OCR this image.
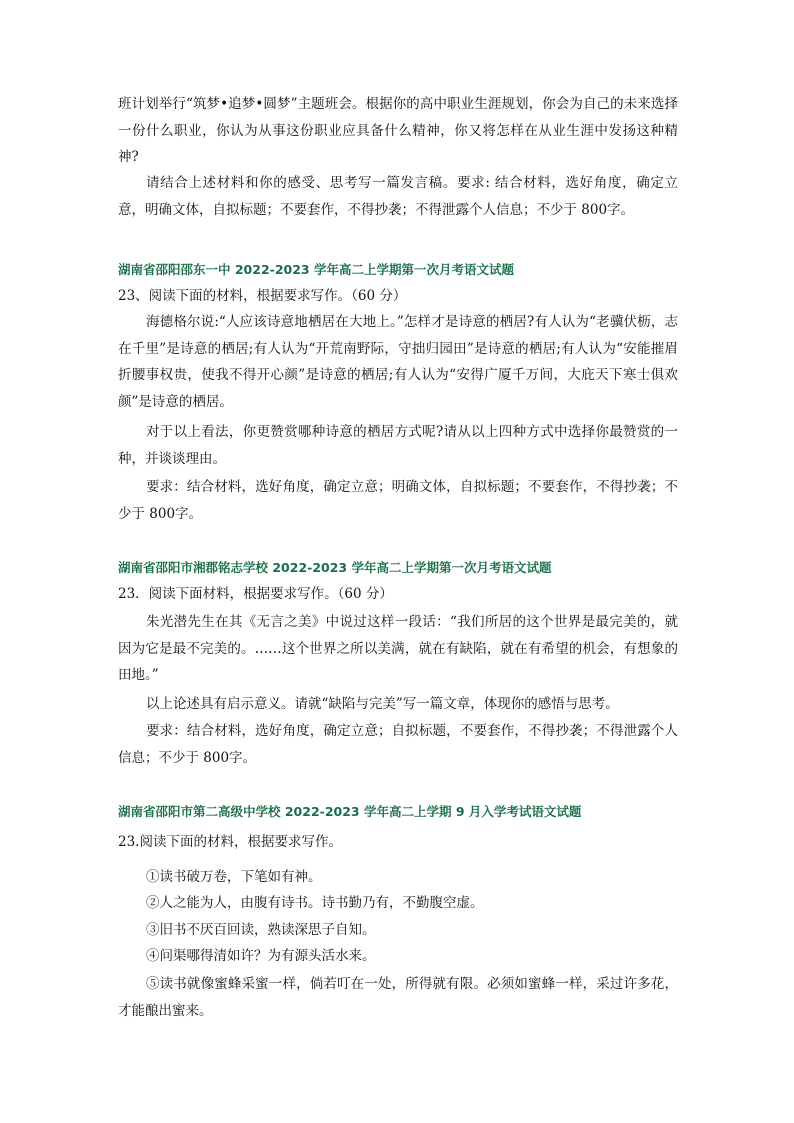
班计划举行“筑梦•追梦•圆梦”主题班会。根据你的高中职业生涯规划，你会为自己的未来选择一份什么职业，你认为从事这份职业应具备什么精神，你又将怎样在从业生涯中发扬这种精神?

请结合上述材料和你的感受、思考写一篇发言稿。要求: 结合材料，选好角度，确定立意，明确文体，自拟标题；不要套作，不得抄袭；不得泄露个人信息；不少于 800字。

湖南省邵阳邵东一中 2022-2023 学年高二上学期第一次月考语文试题

23、阅读下面的材料，根据要求写作。（60 分）

海德格尔说:“人应该诗意地栖居在大地上。”怎样才是诗意的栖居?有人认为“老骥伏枥，志在千里”是诗意的栖居;有人认为“开荒南野际，守拙归园田”是诗意的栖居;有人认为“安能摧眉折腰事权贵，使我不得开心颜”是诗意的栖居;有人认为“安得广厦千万间，大庇天下寒士俱欢颜”是诗意的栖居。

对于以上看法，你更赞赏哪种诗意的栖居方式呢?请从以上四种方式中选择你最赞赏的一种，并谈谈理由。

要求：结合材料，选好角度，确定立意；明确文体，自拟标题；不要套作，不得抄袭；不少于 800字。

湖南省邵阳市湘郡铭志学校 2022-2023 学年高二上学期第一次月考语文试题

23．阅读下面材料，根据要求写作。（60 分）

朱光潜先生在其《无言之美》中说过这样一段话：“我们所居的这个世界是最完美的，就因为它是最不完美的。……这个世界之所以美满，就在有缺陷，就在有希望的机会，有想象的田地。”

以上论述具有启示意义。请就“缺陷与完美”写一篇文章，体现你的感悟与思考。

要求：结合材料，选好角度，确定立意；自拟标题，不要套作，不得抄袭；不得泄露个人信息；不少于 800字。

湖南省邵阳市第二高级中学校 2022-2023 学年高二上学期 9 月入学考试语文试题

23.阅读下面的材料，根据要求写作。

①读书破万卷，下笔如有神。

②人之能为人，由腹有诗书。诗书勤乃有，不勤腹空虚。

③旧书不厌百回读，熟读深思子自知。

④问渠哪得清如许？为有源头活水来。

⑤读书就像蜜蜂采蜜一样，倘若叮在一处，所得就有限。必须如蜜蜂一样，采过许多花，才能酿出蜜来。
